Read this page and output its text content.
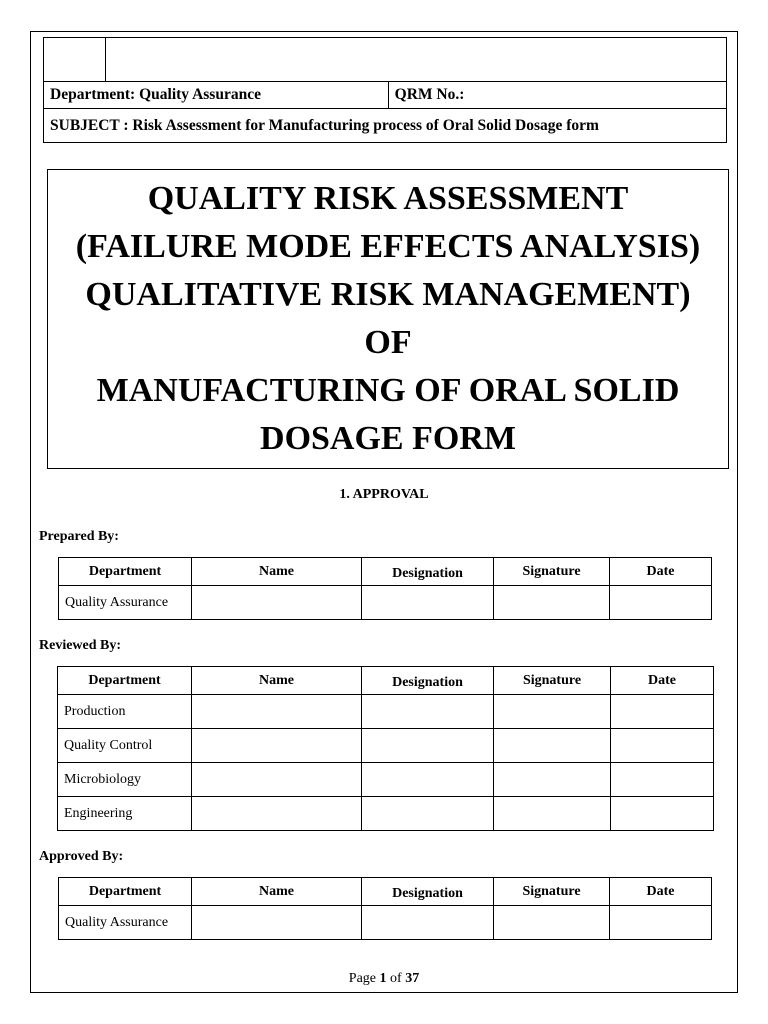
Department: Quality Assurance		QRM No.:
SUBJECT : Risk Assessment for Manufacturing process of Oral Solid Dosage form		
QUALITY RISK ASSESSMENT
(FAILURE MODE EFFECTS ANALYSIS)
QUALITATIVE RISK MANAGEMENT)
OF
MANUFACTURING OF ORAL SOLID
DOSAGE FORM
1. APPROVAL
Prepared By:
Department	Name	Designation	Signature	Date
Quality Assurance				
Reviewed By:
Department	Name	Designation	Signature	Date
Production				
Quality Control				
Microbiology				
Engineering				
Approved By:
Department	Name	Designation	Signature	Date
Quality Assurance				
Page 1 of 37
